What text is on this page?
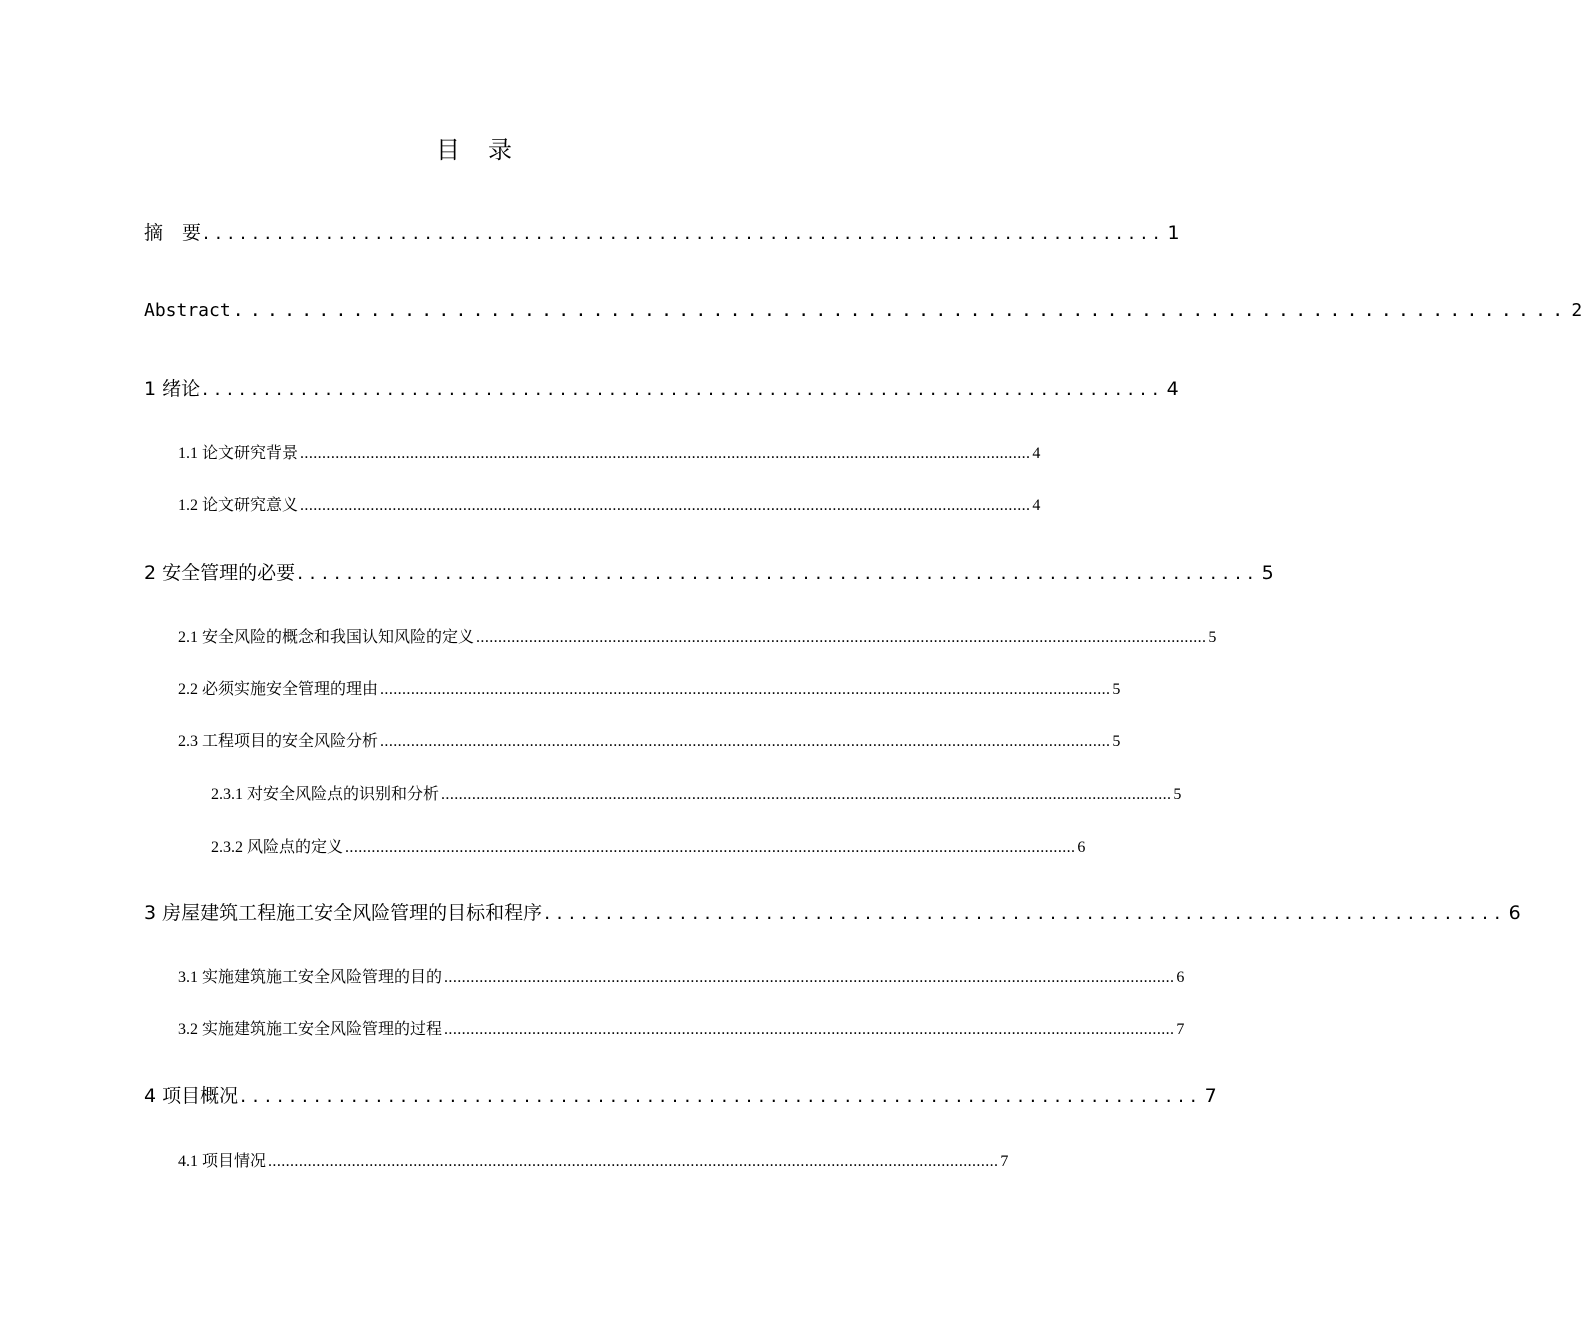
目　录
摘　要 .............................................................................. 1
Abstract .............................................................................. 2
1 绪论 .............................................................................. 4
1.1 论文研究背景 ...................................................................................................................................................................... 4
1.2 论文研究意义 ...................................................................................................................................................................... 4
2 安全管理的必要 .............................................................................. 5
2.1 安全风险的概念和我国认知风险的定义 ...................................................................................................................................................................... 5
2.2 必须实施安全管理的理由 ...................................................................................................................................................................... 5
2.3 工程项目的安全风险分析 ...................................................................................................................................................................... 5
2.3.1 对安全风险点的识别和分析 ...................................................................................................................................................................... 5
2.3.2 风险点的定义 ...................................................................................................................................................................... 6
3 房屋建筑工程施工安全风险管理的目标和程序 .............................................................................. 6
3.1 实施建筑施工安全风险管理的目的 ...................................................................................................................................................................... 6
3.2 实施建筑施工安全风险管理的过程 ...................................................................................................................................................................... 7
4 项目概况 .............................................................................. 7
4.1 项目情况 ...................................................................................................................................................................... 7
